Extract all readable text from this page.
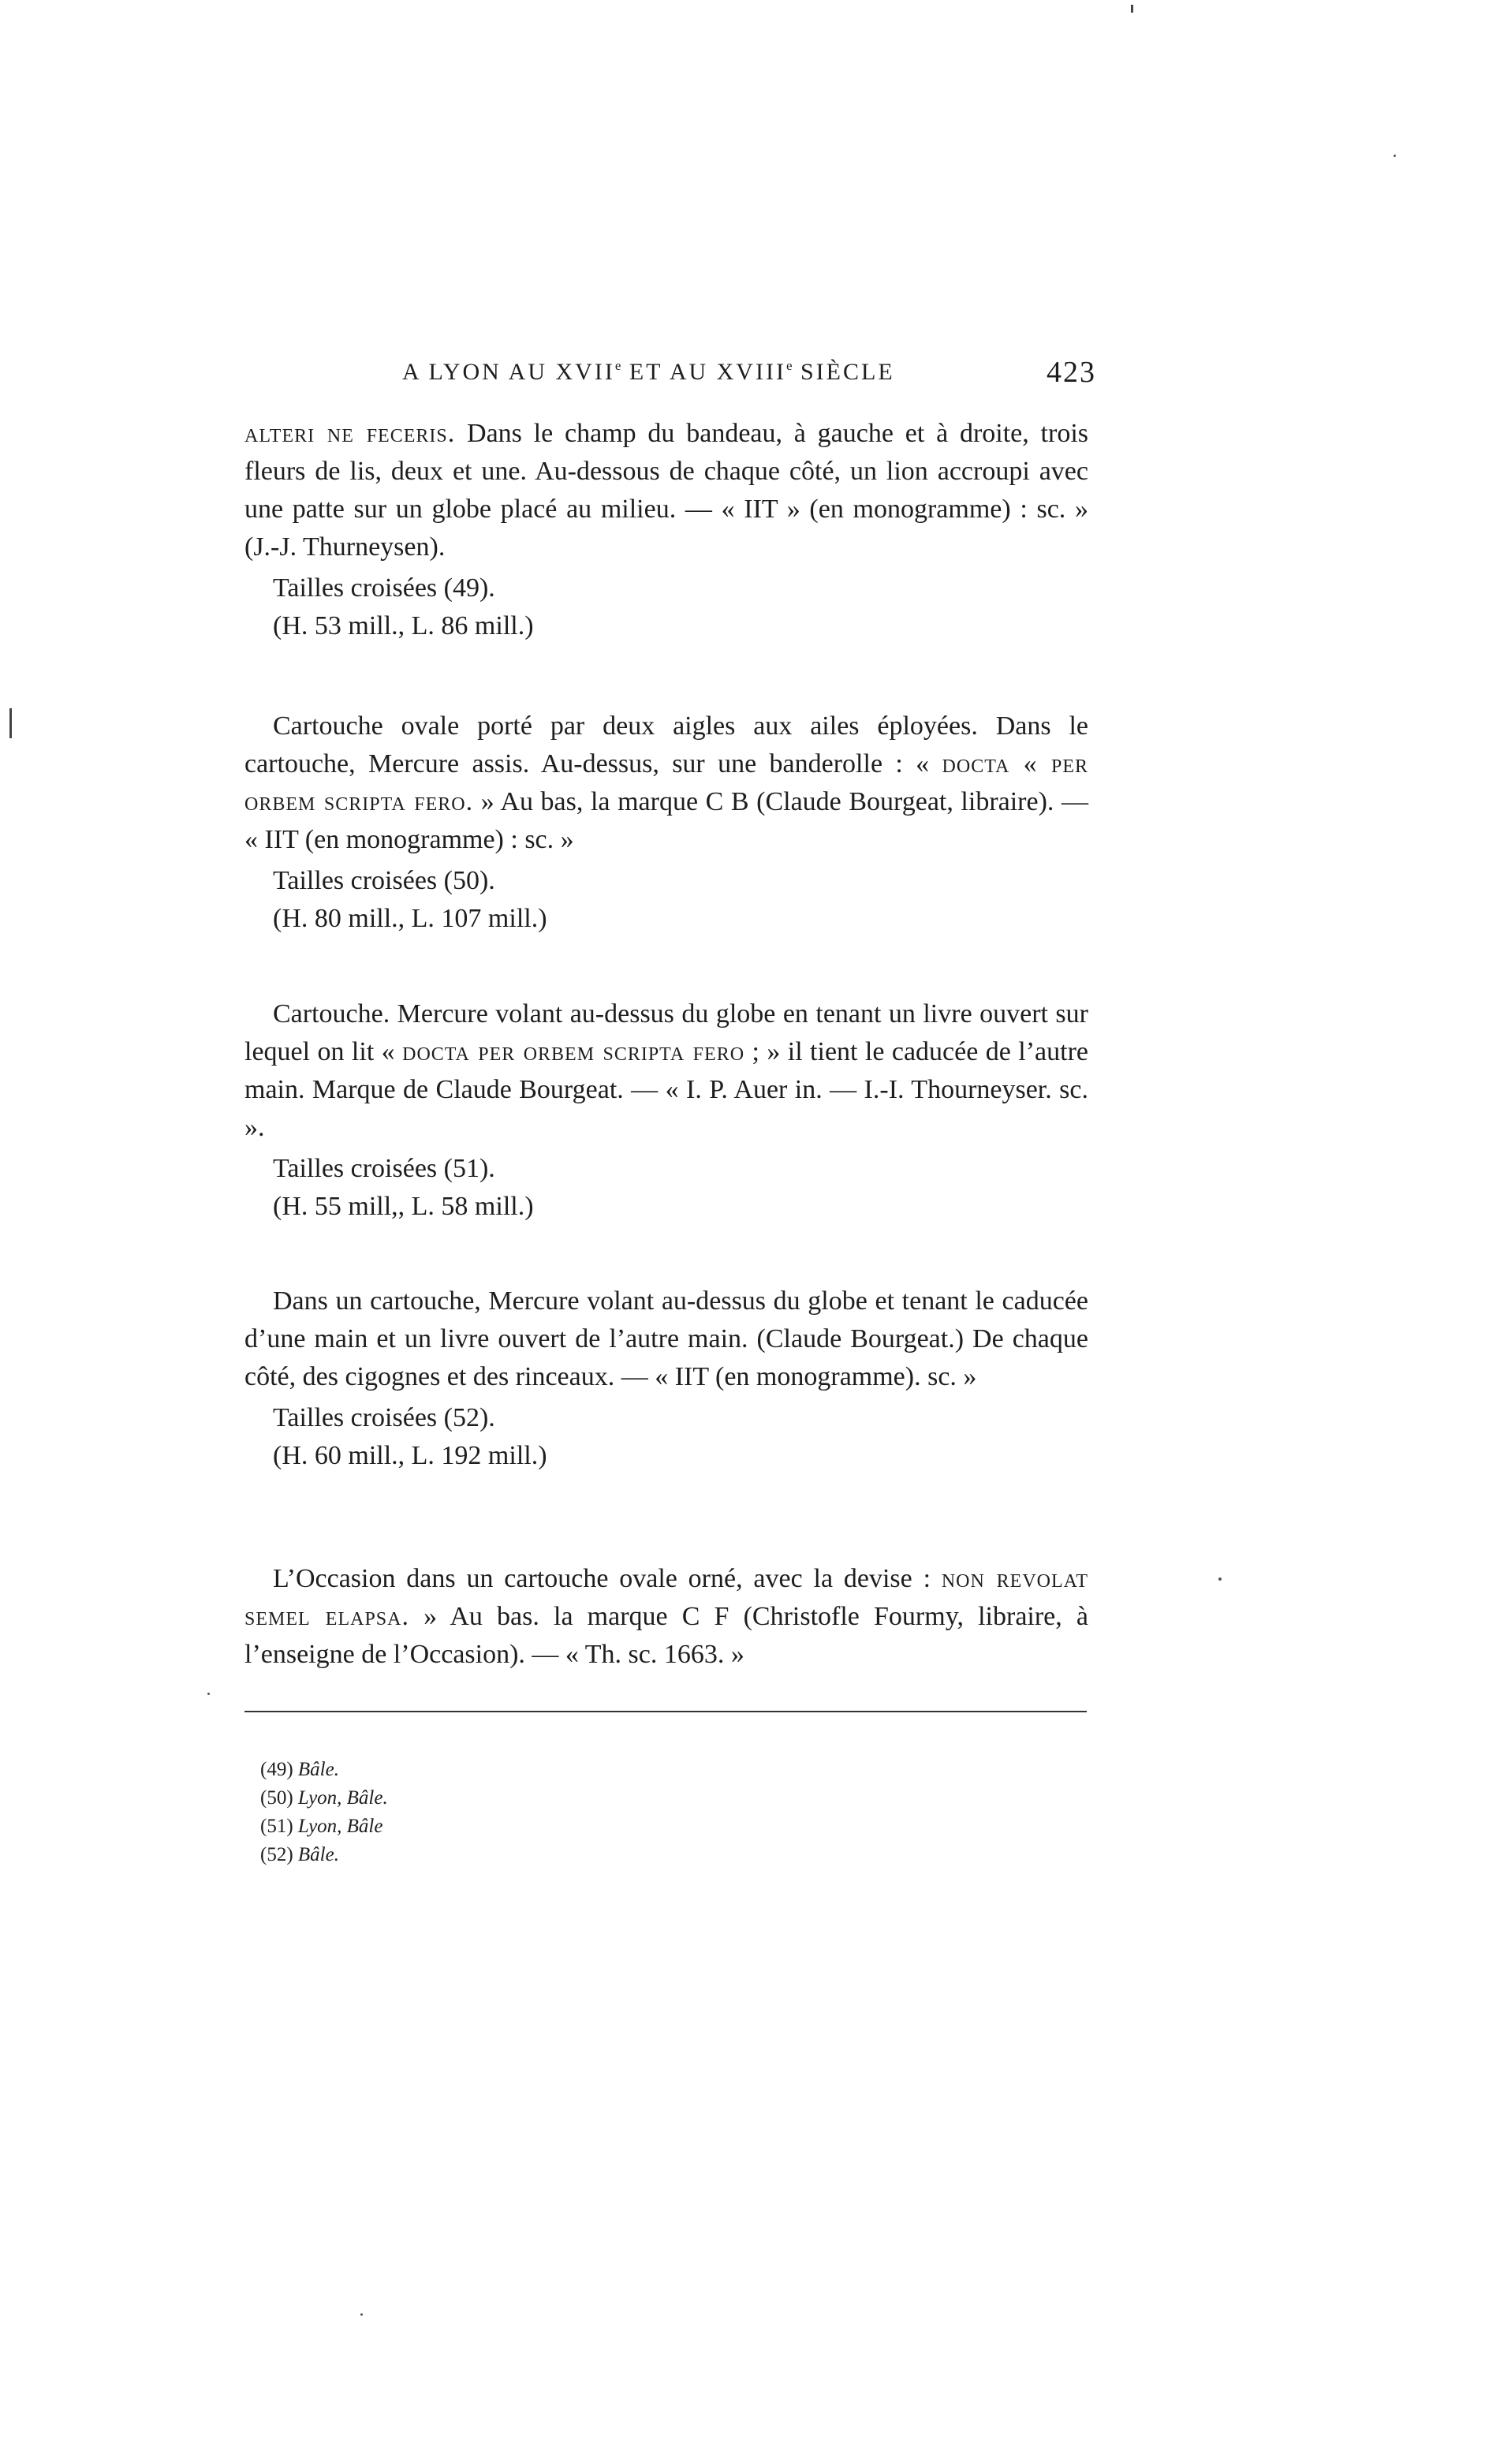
A LYON AU XVIIe ET AU XVIIIe SIÈCLE	423

alteri ne feceris. Dans le champ du bandeau, à gauche et à droite, trois fleurs de lis, deux et une. Au-dessous de chaque côté, un lion accroupi avec une patte sur un globe placé au milieu. — « IIT » (en monogramme) : sc. » (J.-J. Thurneysen).

Tailles croisées (49).

(H. 53 mill., L. 86 mill.)

Cartouche ovale porté par deux aigles aux ailes éployées. Dans le cartouche, Mercure assis. Au-dessus, sur une banderolle : « docta « per orbem scripta fero. » Au bas, la marque C B (Claude Bourgeat, libraire). — « IIT (en monogramme) : sc. »

Tailles croisées (50).

(H. 80 mill., L. 107 mill.)

Cartouche. Mercure volant au-dessus du globe en tenant un livre ouvert sur lequel on lit « docta per orbem scripta fero ; » il tient le caducée de l’autre main. Marque de Claude Bourgeat. — « I. P. Auer in. — I.-I. Thourneyser. sc. ».

Tailles croisées (51).

(H. 55 mill,, L. 58 mill.)

Dans un cartouche, Mercure volant au-dessus du globe et tenant le caducée d’une main et un livre ouvert de l’autre main. (Claude Bourgeat.) De chaque côté, des cigognes et des rinceaux. — « IIT (en monogramme). sc. »

Tailles croisées (52).

(H. 60 mill., L. 192 mill.)

L’Occasion dans un cartouche ovale orné, avec la devise : non revolat semel elapsa. » Au bas. la marque C F (Christofle Fourmy, libraire, à l’enseigne de l’Occasion). — « Th. sc. 1663. »

(49) Bâle.

(50) Lyon, Bâle.

(51) Lyon, Bâle

(52) Bâle.
